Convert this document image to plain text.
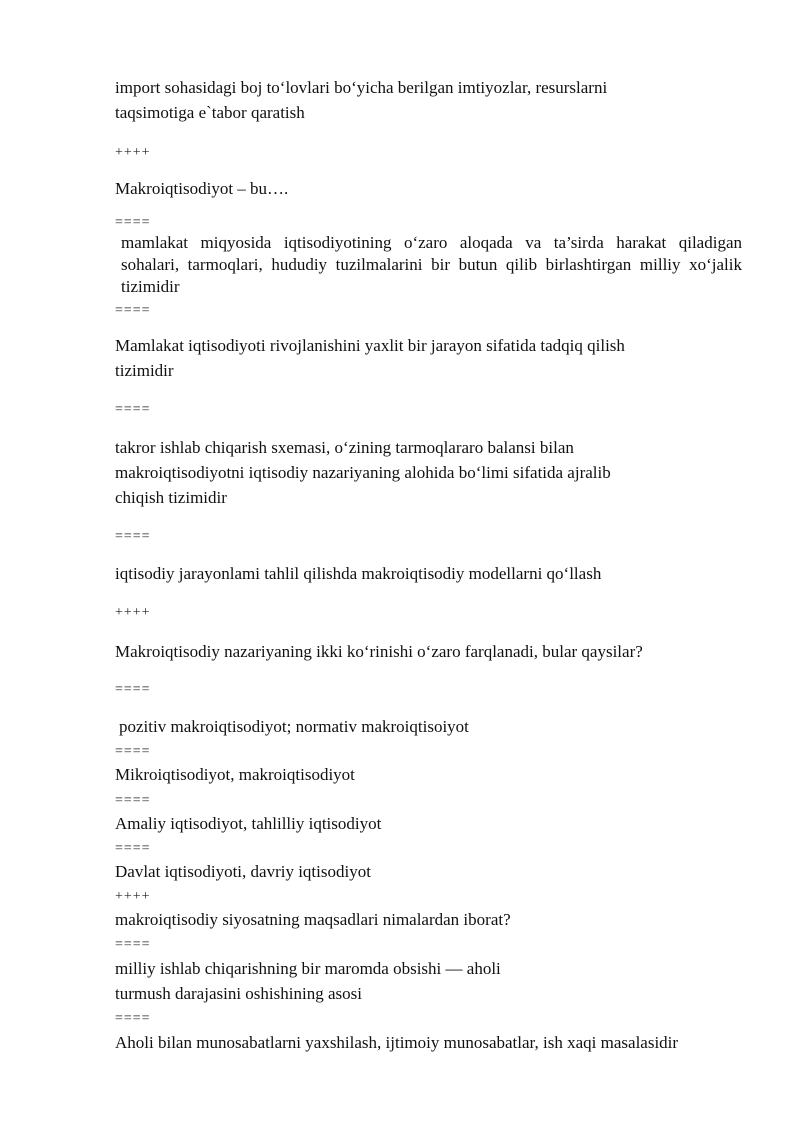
import sohasidagi boj to‘lovlari bo‘yicha berilgan imtiyozlar, resurslarni

taqsimotiga e`tabor qaratish

++++

Makroiqtisodiyot – bu….

====

mamlakat miqyosida iqtisodiyotining o‘zaro aloqada va ta’sirda harakat qiladigan sohalari, tarmoqlari, hududiy tuzilmalarini bir butun qilib birlashtirgan milliy xo‘jalik tizimidir

====

Mamlakat iqtisodiyoti rivojlanishini yaxlit bir jarayon sifatida tadqiq qilish

tizimidir

====

takror ishlab chiqarish sxemasi, o‘zining tarmoqlararo balansi bilan

makroiqtisodiyotni iqtisodiy nazariyaning alohida bo‘limi sifatida ajralib

chiqish tizimidir

====

iqtisodiy jarayonlami tahlil qilishda makroiqtisodiy modellarni qo‘llash

++++

Makroiqtisodiy nazariyaning ikki ko‘rinishi o‘zaro farqlanadi, bular qaysilar?

====

pozitiv makroiqtisodiyot; normativ makroiqtisoiyot

====

Mikroiqtisodiyot, makroiqtisodiyot

====

Amaliy iqtisodiyot, tahlilliy iqtisodiyot

====

Davlat iqtisodiyoti, davriy iqtisodiyot

++++

makroiqtisodiy siyosatning maqsadlari nimalardan iborat?

====

milliy ishlab chiqarishning bir maromda obsishi — aholi

turmush darajasini oshishining asosi

====

Aholi bilan munosabatlarni yaxshilash, ijtimoiy munosabatlar, ish xaqi masalasidir
